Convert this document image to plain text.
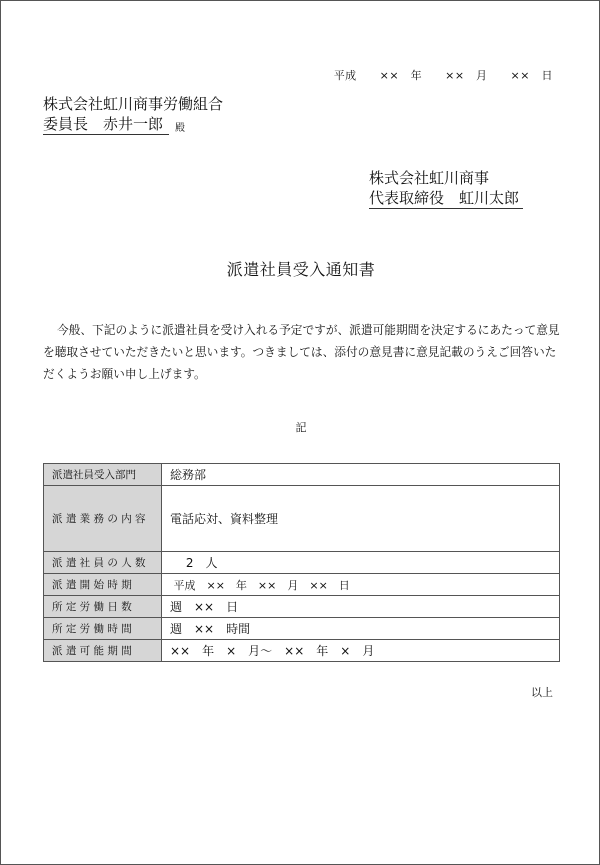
平成　　××　年　　××　月　　××　日
株式会社虹川商事労働組合
委員長　赤井一郎	殿
株式会社虹川商事
代表取締役　虹川太郎
派遣社員受入通知書
今般、下記のように派遣社員を受け入れる予定ですが、派遣可能期間を決定するにあたって意見を聴取させていただきたいと思います。つきましては、添付の意見書に意見記載のうえご回答いただくようお願い申し上げます。
記
派遣社員受入部門	総務部
派 遣 業 務 の 内 容	電話応対、資料整理
派 遣 社 員 の 人 数	　 2　人
派 遣 開 始 時 期	平成　××　年　××　月　××　日
所 定 労 働 日 数	週　××　日
所 定 労 働 時 間	週　××　時間
派 遣 可 能 期 間	××　年　×　月～　××　年　×　月
以上
